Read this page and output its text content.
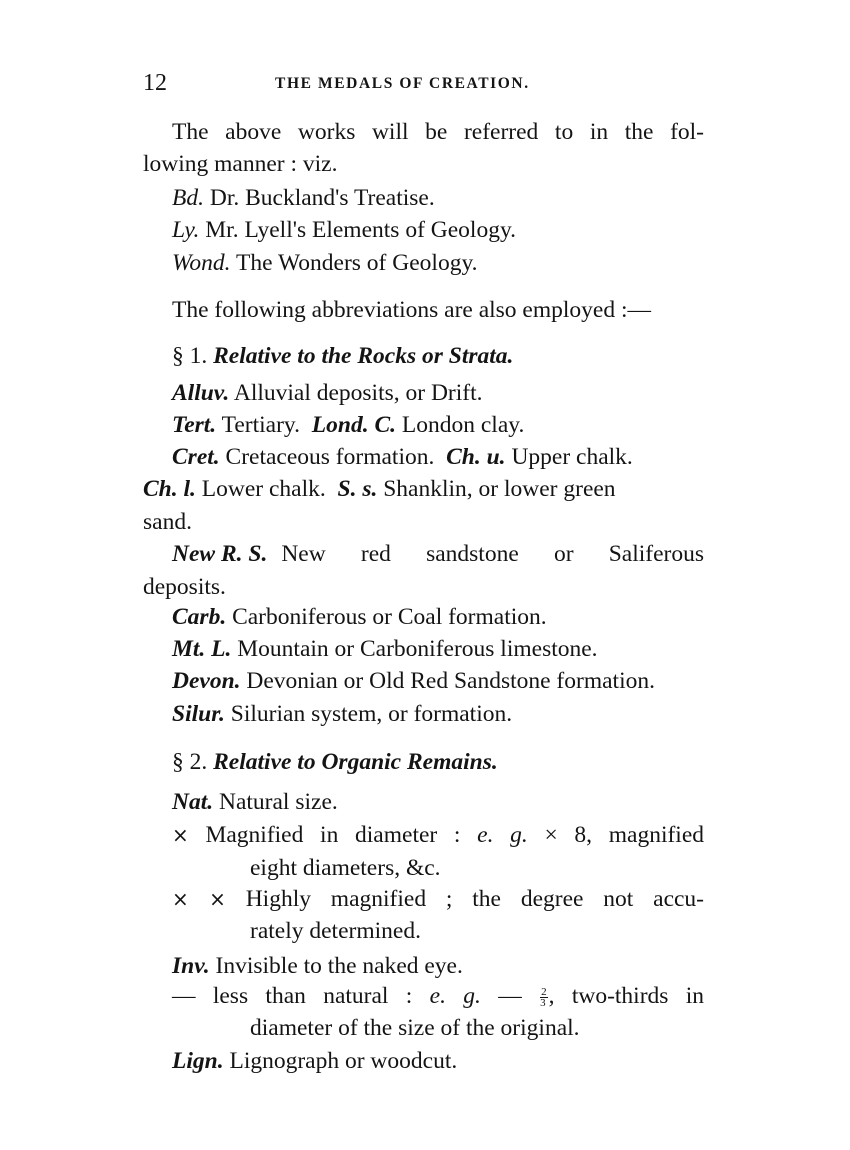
12	THE MEDALS OF CREATION.
The above works will be referred to in the fol-
lowing manner : viz.
Bd. Dr. Buckland's Treatise.
Ly. Mr. Lyell's Elements of Geology.
Wond. The Wonders of Geology.
The following abbreviations are also employed :—
§ 1. Relative to the Rocks or Strata.
Alluv. Alluvial deposits, or Drift.
Tert. Tertiary. Lond. C. London clay.
Cret. Cretaceous formation. Ch. u. Upper chalk.
Ch. l. Lower chalk. S. s. Shanklin, or lower green
sand.
New R. S. New red sandstone or Saliferous
deposits.
Carb. Carboniferous or Coal formation.
Mt. L. Mountain or Carboniferous limestone.
Devon. Devonian or Old Red Sandstone formation.
Silur. Silurian system, or formation.
§ 2. Relative to Organic Remains.
Nat. Natural size.
× Magnified in diameter : e. g. × 8, magnified
eight diameters, &c.
× × Highly magnified ; the degree not accu-
rately determined.
Inv. Invisible to the naked eye.
— less than natural : e. g. — $\frac{2}{3}$ , two-thirds in
diameter of the size of the original.
Lign. Lignograph or woodcut.
